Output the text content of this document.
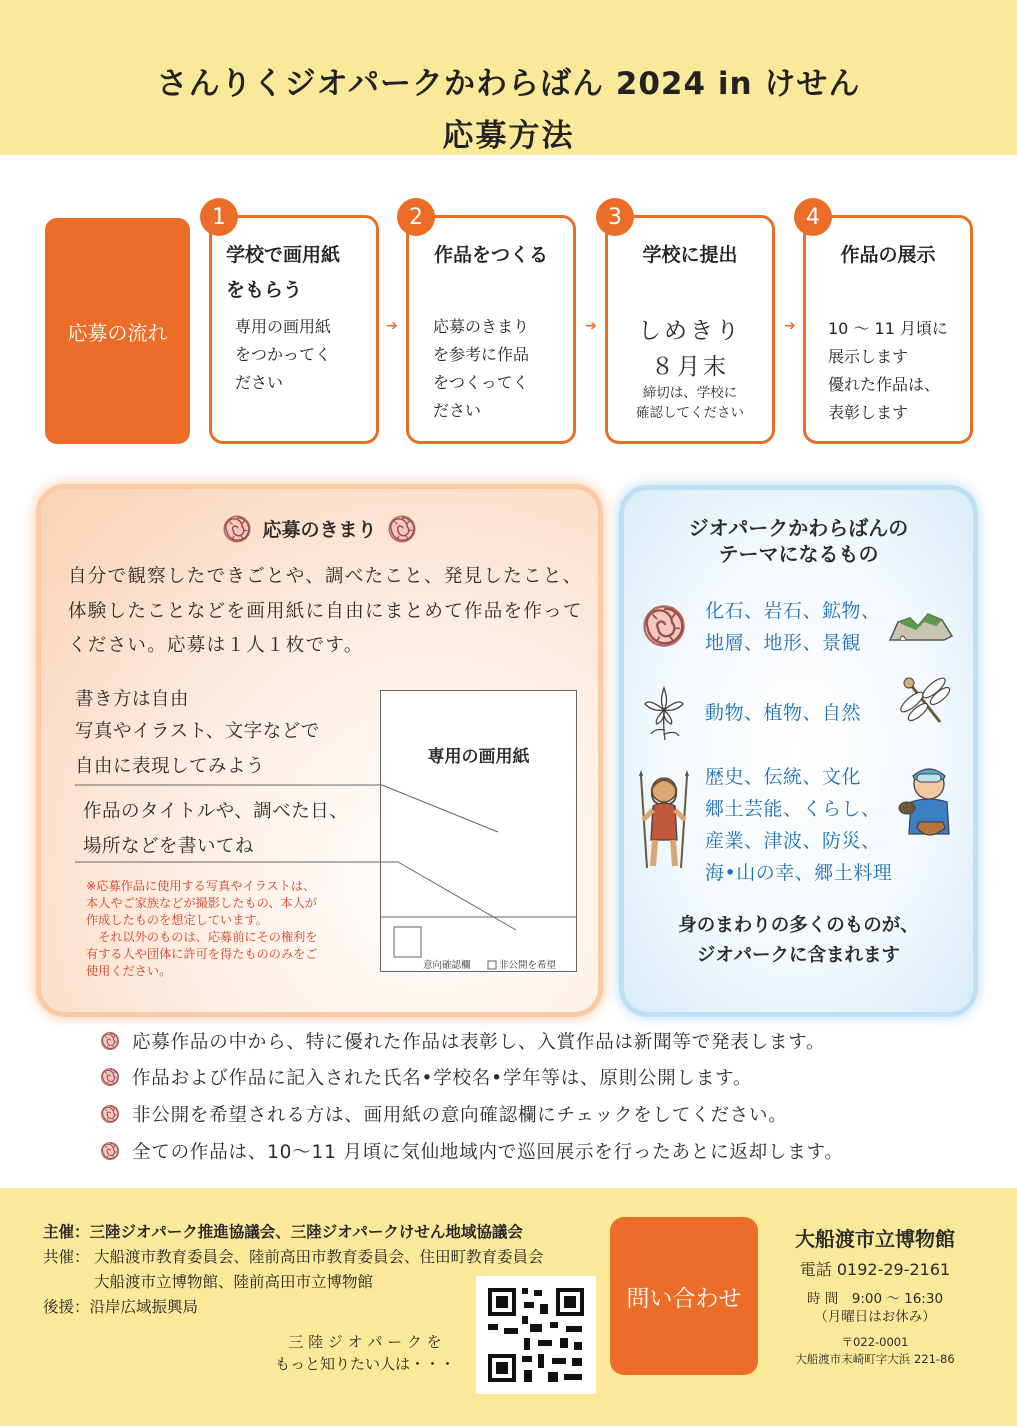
さんりくジオパークかわらばん 2024 in けせん
応募方法
応募の流れ
1
学校で画用紙
をもらう
専用の画用紙
をつかってく
ださい
➔
2
作品をつくる
応募のきまり
を参考に作品
をつくってく
ださい
➔
3
学校に提出
しめきり
８月末
締切は、学校に
確認してください
➔
4
作品の展示
10 ～ 11 月頃に
展示します
優れた作品は、
表彰します
応募のきまり
自分で観察したできごとや、調べたこと、発見したこと、体験したことなどを画用紙に自由にまとめて作品を作ってください。応募は１人１枚です。
書き方は自由
写真やイラスト、文字などで
自由に表現してみよう
作品のタイトルや、調べた日、
場所などを書いてね
専用の画用紙
意向確認欄	非公開を希望
※応募作品に使用する写真やイラストは、
本人やご家族などが撮影したもの、本人が
作成したものを想定しています。
　それ以外のものは、応募前にその権利を
有する人や団体に許可を得たもののみをご
使用ください。
ジオパークかわらばんの
テーマになるもの
化石、岩石、鉱物、
地層、地形、景観
動物、植物、自然
歴史、伝統、文化
郷土芸能、くらし、
産業、津波、防災、
海•山の幸、郷土料理
身のまわりの多くのものが、
ジオパークに含まれます
応募作品の中から、特に優れた作品は表彰し、入賞作品は新聞等で発表します。
作品および作品に記入された氏名•学校名•学年等は、原則公開します。
非公開を希望される方は、画用紙の意向確認欄にチェックをしてください。
全ての作品は、10～11 月頃に気仙地域内で巡回展示を行ったあとに返却します。
主催：三陸ジオパーク推進協議会、三陸ジオパークけせん地域協議会
共催： 大船渡市教育委員会、陸前高田市教育委員会、住田町教育委員会
大船渡市立博物館、陸前高田市立博物館
後援：沿岸広域振興局
三 陸 ジ オ パ ー ク を
もっと知りたい人は・・・
問い合わせ
大船渡市立博物館
電話 0192-29-2161
時 間　9:00 ～ 16:30
（月曜日はお休み）
〒022-0001
大船渡市末崎町字大浜 221-86
